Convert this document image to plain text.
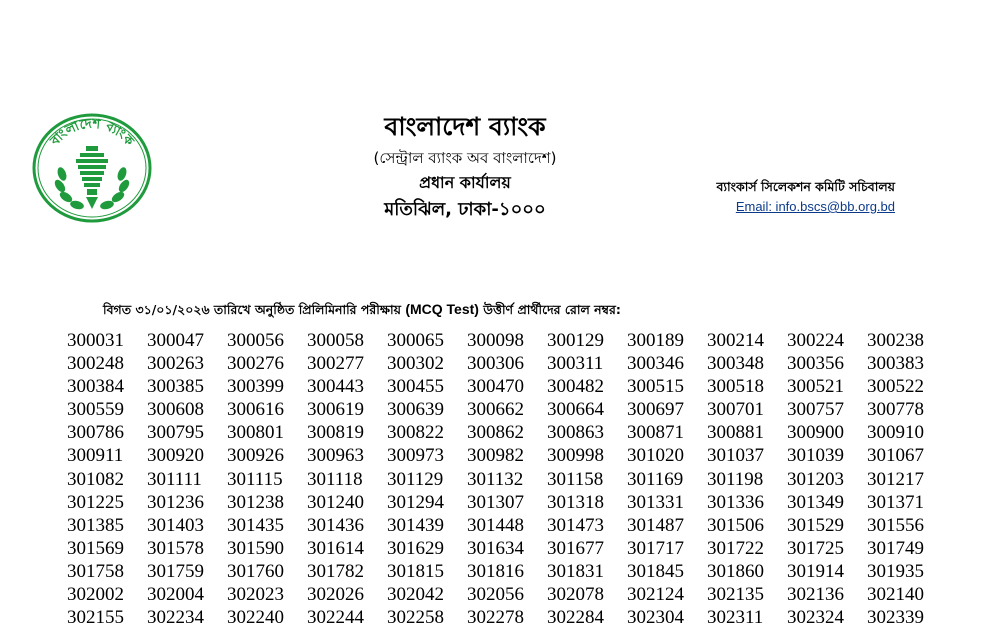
বাংলাদেশ ব্যাংক	বাংলাদেশ ব্যাংক
(সেন্ট্রাল ব্যাংক অব বাংলাদেশ)
প্রধান কার্যালয়
মতিঝিল, ঢাকা-১০০০
ব্যাংকার্স সিলেকশন কমিটি সচিবালয়
Email: info.bscs@bb.org.bd
বিগত ৩১/০১/২০২৬ তারিখে অনুষ্ঠিত প্রিলিমিনারি পরীক্ষায় (MCQ Test) উত্তীর্ণ প্রার্থীদের রোল নম্বর:
300031	300047	300056	300058	300065	300098	300129	300189	300214	300224	300238
300248	300263	300276	300277	300302	300306	300311	300346	300348	300356	300383
300384	300385	300399	300443	300455	300470	300482	300515	300518	300521	300522
300559	300608	300616	300619	300639	300662	300664	300697	300701	300757	300778
300786	300795	300801	300819	300822	300862	300863	300871	300881	300900	300910
300911	300920	300926	300963	300973	300982	300998	301020	301037	301039	301067
301082	301111	301115	301118	301129	301132	301158	301169	301198	301203	301217
301225	301236	301238	301240	301294	301307	301318	301331	301336	301349	301371
301385	301403	301435	301436	301439	301448	301473	301487	301506	301529	301556
301569	301578	301590	301614	301629	301634	301677	301717	301722	301725	301749
301758	301759	301760	301782	301815	301816	301831	301845	301860	301914	301935
302002	302004	302023	302026	302042	302056	302078	302124	302135	302136	302140
302155	302234	302240	302244	302258	302278	302284	302304	302311	302324	302339
